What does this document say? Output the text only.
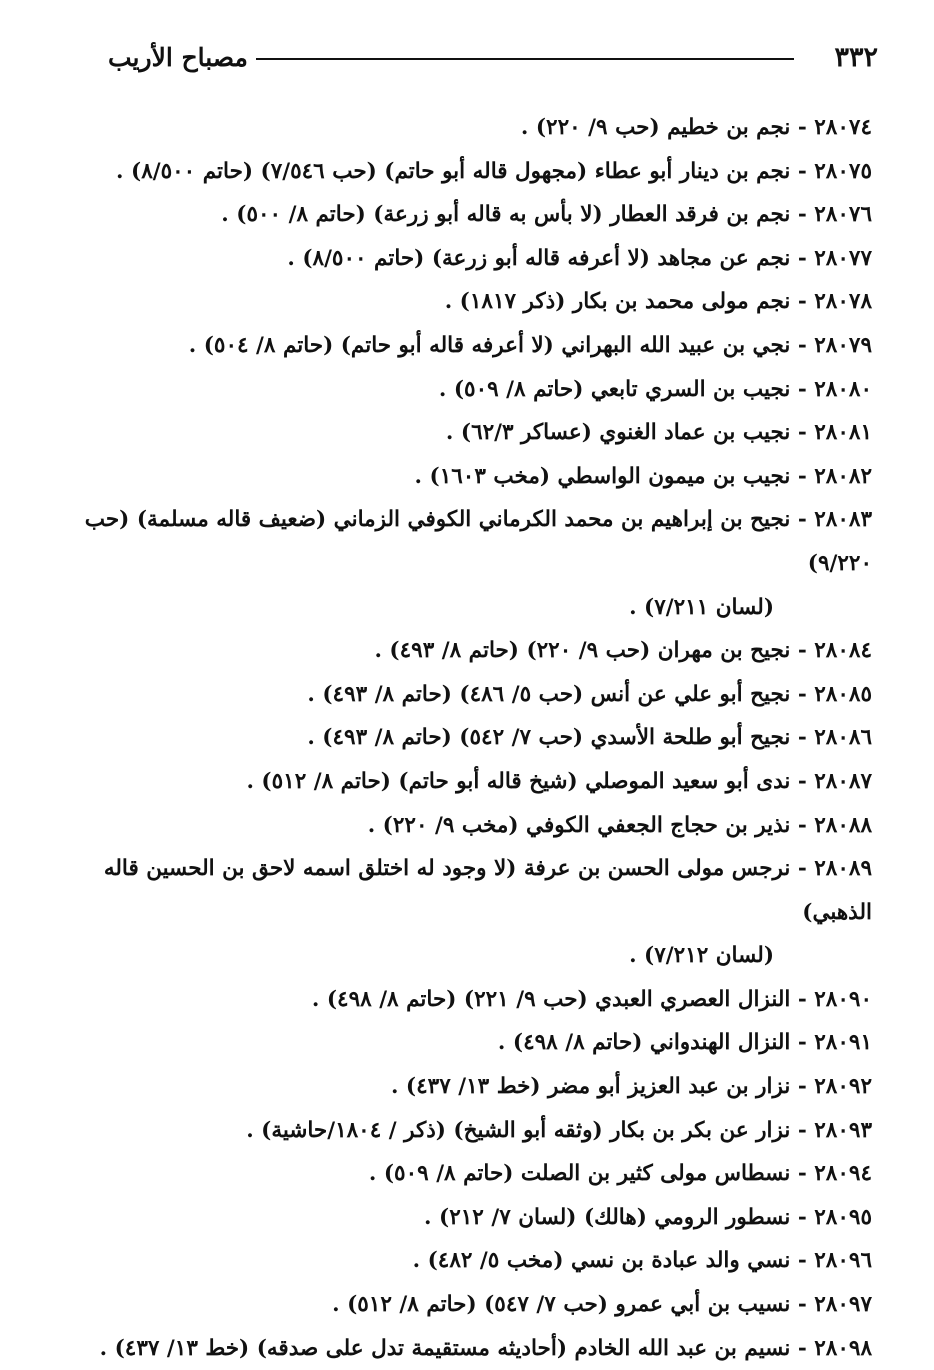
٣٣٢
مصباح الأريب
٢٨٠٧٤ - نجم بن خطيم (حب ٩/ ٢٢٠) .
٢٨٠٧٥ - نجم بن دينار أبو عطاء (مجهول قاله أبو حاتم) (حب ٧/٥٤٦) (حاتم ٨/٥٠٠) .
٢٨٠٧٦ - نجم بن فرقد العطار (لا بأس به قاله أبو زرعة) (حاتم ٨/ ٥٠٠) .
٢٨٠٧٧ - نجم عن مجاهد (لا أعرفه قاله أبو زرعة) (حاتم ٨/٥٠٠) .
٢٨٠٧٨ - نجم مولى محمد بن بكار (ذكر ١٨١٧) .
٢٨٠٧٩ - نجي بن عبيد الله البهراني (لا أعرفه قاله أبو حاتم) (حاتم ٨/ ٥٠٤) .
٢٨٠٨٠ - نجيب بن السري تابعي (حاتم ٨/ ٥٠٩) .
٢٨٠٨١ - نجيب بن عماد الغنوي (عساكر ٦٢/٣) .
٢٨٠٨٢ - نجيب بن ميمون الواسطي (مخب ١٦٠٣) .
٢٨٠٨٣ - نجيح بن إبراهيم بن محمد الكرماني الكوفي الزماني (ضعيف قاله مسلمة) (حب ٩/٢٢٠)
(لسان ٧/٢١١) .
٢٨٠٨٤ - نجيح بن مهران (حب ٩/ ٢٢٠) (حاتم ٨/ ٤٩٣) .
٢٨٠٨٥ - نجيح أبو علي عن أنس (حب ٥/ ٤٨٦) (حاتم ٨/ ٤٩٣) .
٢٨٠٨٦ - نجيح أبو طلحة الأسدي (حب ٧/ ٥٤٢) (حاتم ٨/ ٤٩٣) .
٢٨٠٨٧ - ندى أبو سعيد الموصلي (شيخ قاله أبو حاتم) (حاتم ٨/ ٥١٢) .
٢٨٠٨٨ - نذير بن حجاج الجعفي الكوفي (مخب ٩/ ٢٢٠) .
٢٨٠٨٩ - نرجس مولى الحسن بن عرفة (لا وجود له اختلق اسمه لاحق بن الحسين قاله الذهبي)
(لسان ٧/٢١٢) .
٢٨٠٩٠ - النزال العصري العبدي (حب ٩/ ٢٢١) (حاتم ٨/ ٤٩٨) .
٢٨٠٩١ - النزال الهندواني (حاتم ٨/ ٤٩٨) .
٢٨٠٩٢ - نزار بن عبد العزيز أبو مضر (خط ١٣/ ٤٣٧) .
٢٨٠٩٣ - نزار عن بكر بن بكار (وثقه أبو الشيخ) (ذكر / ١٨٠٤/حاشية) .
٢٨٠٩٤ - نسطاس مولى كثير بن الصلت (حاتم ٨/ ٥٠٩) .
٢٨٠٩٥ - نسطور الرومي (هالك) (لسان ٧/ ٢١٢) .
٢٨٠٩٦ - نسي والد عبادة بن نسي (مخب ٥/ ٤٨٢) .
٢٨٠٩٧ - نسيب بن أبي عمرو (حب ٧/ ٥٤٧) (حاتم ٨/ ٥١٢) .
٢٨٠٩٨ - نسيم بن عبد الله الخادم (أحاديثه مستقيمة تدل على صدقه) (خط ١٣/ ٤٣٧) .
